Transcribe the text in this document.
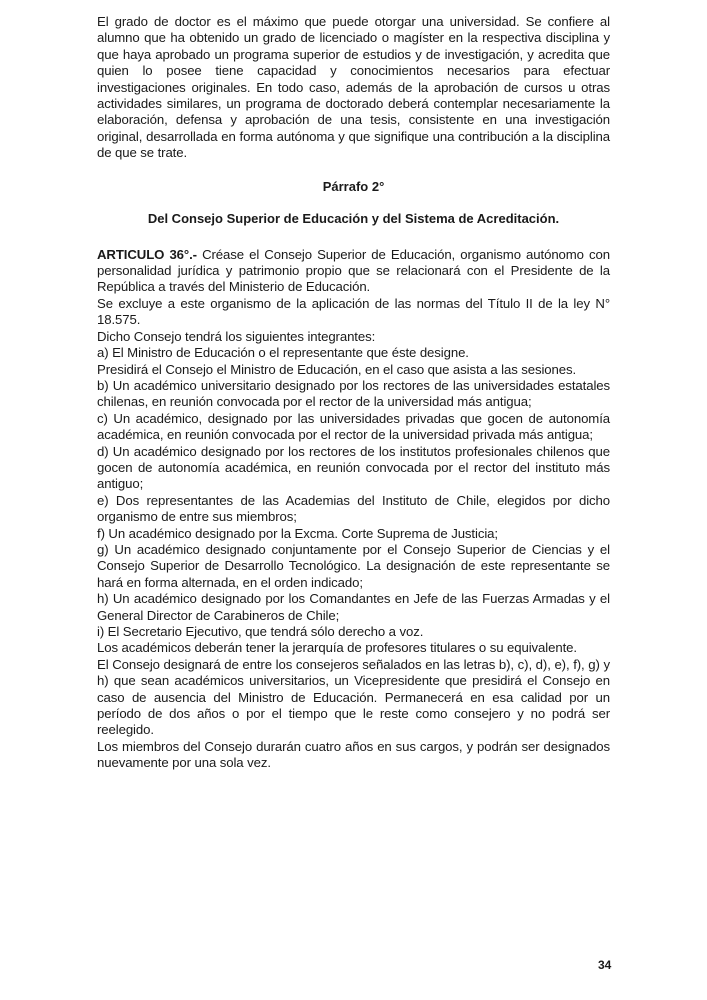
El grado de doctor es el máximo que puede otorgar una universidad. Se confiere al alumno que ha obtenido un grado de licenciado o magíster en la respectiva disciplina y que haya aprobado un programa superior de estudios y de investigación, y acredita que quien lo posee tiene capacidad y conocimientos necesarios para efectuar investigaciones originales. En todo caso, además de la aprobación de cursos u otras actividades similares, un programa de doctorado deberá contemplar necesariamente la elaboración, defensa y aprobación de una tesis, consistente en una investigación original, desarrollada en forma autónoma y que signifique una contribución a la disciplina de que se trate.

Párrafo 2°

Del Consejo Superior de Educación y del Sistema de Acreditación.

ARTICULO 36°.- Créase el Consejo Superior de Educación, organismo autónomo con personalidad jurídica y patrimonio propio que se relacionará con el Presidente de la República a través del Ministerio de Educación.

Se excluye a este organismo de la aplicación de las normas del Título II de la ley N° 18.575.

Dicho Consejo tendrá los siguientes integrantes:

a) El Ministro de Educación o el representante que éste designe.

Presidirá el Consejo el Ministro de Educación, en el caso que asista a las sesiones.

b) Un académico universitario designado por los rectores de las universidades estatales chilenas, en reunión convocada por el rector de la universidad más antigua;

c) Un académico, designado por las universidades privadas que gocen de autonomía académica, en reunión convocada por el rector de la universidad privada más antigua;

d) Un académico designado por los rectores de los institutos profesionales chilenos que gocen de autonomía académica, en reunión convocada por el rector del instituto más antiguo;

e) Dos representantes de las Academias del Instituto de Chile, elegidos por dicho organismo de entre sus miembros;

f) Un académico designado por la Excma. Corte Suprema de Justicia;

g) Un académico designado conjuntamente por el Consejo Superior de Ciencias y el Consejo Superior de Desarrollo Tecnológico. La designación de este representante se hará en forma alternada, en el orden indicado;

h) Un académico designado por los Comandantes en Jefe de las Fuerzas Armadas y el General Director de Carabineros de Chile;

i) El Secretario Ejecutivo, que tendrá sólo derecho a voz.

Los académicos deberán tener la jerarquía de profesores titulares o su equivalente.

El Consejo designará de entre los consejeros señalados en las letras b), c), d), e), f), g) y h) que sean académicos universitarios, un Vicepresidente que presidirá el Consejo en caso de ausencia del Ministro de Educación. Permanecerá en esa calidad por un período de dos años o por el tiempo que le reste como consejero y no podrá ser reelegido.

Los miembros del Consejo durarán cuatro años en sus cargos, y podrán ser designados nuevamente por una sola vez.

34
